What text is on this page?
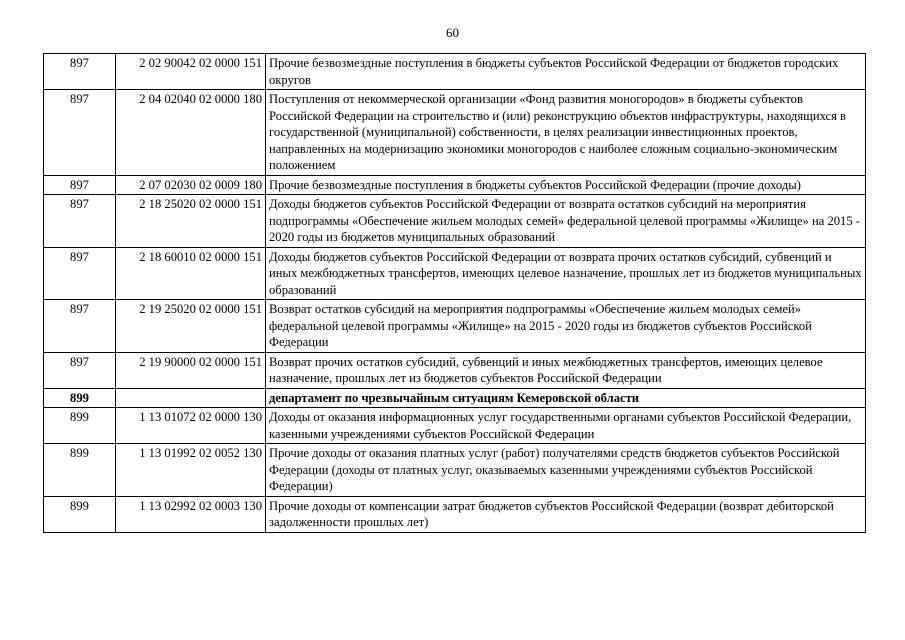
60
897	2 02 90042 02 0000 151	Прочие безвозмездные поступления в бюджеты субъектов Российской Федерации от бюджетов городских округов
897	2 04 02040 02 0000 180	Поступления от некоммерческой организации «Фонд развития моногородов» в бюджеты субъектов Российской Федерации на строительство и (или) реконструкцию объектов инфраструктуры, находящихся в государственной (муниципальной) собственности, в целях реализации инвестиционных проектов, направленных на модернизацию экономики моногородов с наиболее сложным социально-экономическим положением
897	2 07 02030 02 0009 180	Прочие безвозмездные поступления в бюджеты субъектов Российской Федерации (прочие доходы)
897	2 18 25020 02 0000 151	Доходы бюджетов субъектов Российской Федерации от возврата остатков субсидий на мероприятия подпрограммы «Обеспечение жильем молодых семей» федеральной целевой программы «Жилище» на 2015 - 2020 годы из бюджетов муниципальных образований
897	2 18 60010 02 0000 151	Доходы бюджетов субъектов Российской Федерации от возврата прочих остатков субсидий, субвенций и иных межбюджетных трансфертов, имеющих целевое назначение, прошлых лет из бюджетов муниципальных образований
897	2 19 25020 02 0000 151	Возврат остатков субсидий на мероприятия подпрограммы «Обеспечение жильем молодых семей» федеральной целевой программы «Жилище» на 2015 - 2020 годы из бюджетов субъектов Российской Федерации
897	2 19 90000 02 0000 151	Возврат прочих остатков субсидий, субвенций и иных межбюджетных трансфертов, имеющих целевое назначение, прошлых лет из бюджетов субъектов Российской Федерации
899		департамент по чрезвычайным ситуациям Кемеровской области
899	1 13 01072 02 0000 130	Доходы от оказания информационных услуг государственными органами субъектов Российской Федерации, казенными учреждениями субъектов Российской Федерации
899	1 13 01992 02 0052 130	Прочие доходы от оказания платных услуг (работ) получателями средств бюджетов субъектов Российской Федерации (доходы от платных услуг, оказываемых казенными учреждениями субъектов Российской Федерации)
899	1 13 02992 02 0003 130	Прочие доходы от компенсации затрат бюджетов субъектов Российской Федерации (возврат дебиторской задолженности прошлых лет)
